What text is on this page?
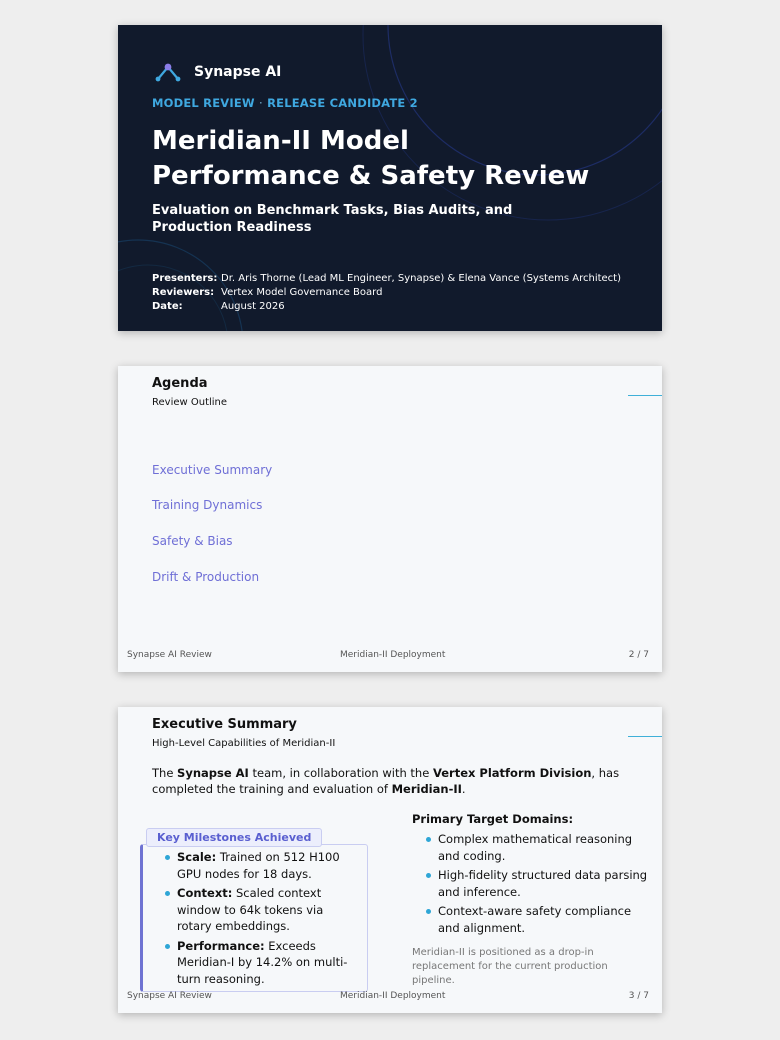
Synapse AI
MODEL REVIEW · RELEASE CANDIDATE 2
Meridian-II Model
Performance & Safety Review
Evaluation on Benchmark Tasks, Bias Audits, and Production Readiness
Presenters:	Dr. Aris Thorne (Lead ML Engineer, Synapse) & Elena Vance (Systems Architect)
Reviewers:	Vertex Model Governance Board
Date:	August 2026
Agenda
Review Outline
Executive Summary
Training Dynamics
Safety & Bias
Drift & Production
Synapse AI Review	Meridian-II Deployment	2 / 7
Executive Summary
High-Level Capabilities of Meridian-II
The Synapse AI team, in collaboration with the Vertex Platform Division, has completed the training and evaluation of Meridian-II.
Scale: Trained on 512 H100 GPU nodes for 18 days.
Context: Scaled context window to 64k tokens via rotary embeddings.
Performance: Exceeds Meridian-I by 14.2% on multi-turn reasoning.
Key Milestones Achieved
Primary Target Domains:
Complex mathematical reasoning and coding.
High-fidelity structured data parsing and inference.
Context-aware safety compliance and alignment.
Meridian-II is positioned as a drop-in replacement for the current production pipeline.
Synapse AI Review	Meridian-II Deployment	3 / 7
